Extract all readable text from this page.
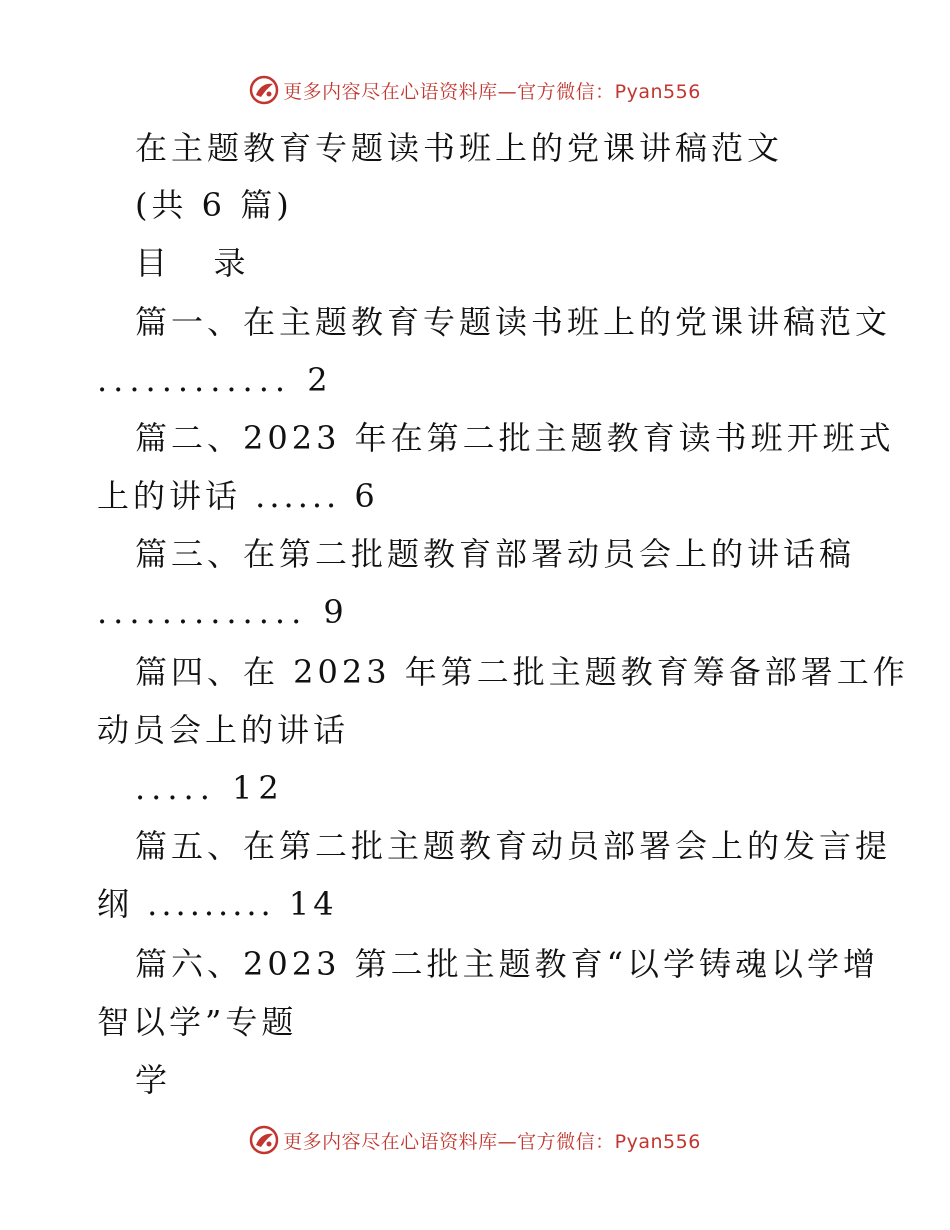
更多内容尽在心语资料库—官方微信：Pyan556
在主题教育专题读书班上的党课讲稿范文
(共 6 篇)
目   录
篇一、在主题教育专题读书班上的党课讲稿范文
............ 2
篇二、2023 年在第二批主题教育读书班开班式
上的讲话 ...... 6
篇三、在第二批题教育部署动员会上的讲话稿
............. 9
篇四、在 2023 年第二批主题教育筹备部署工作
动员会上的讲话
..... 12
篇五、在第二批主题教育动员部署会上的发言提
纲 ......... 14
篇六、2023 第二批主题教育“以学铸魂以学增
智以学”专题
学
更多内容尽在心语资料库—官方微信：Pyan556
